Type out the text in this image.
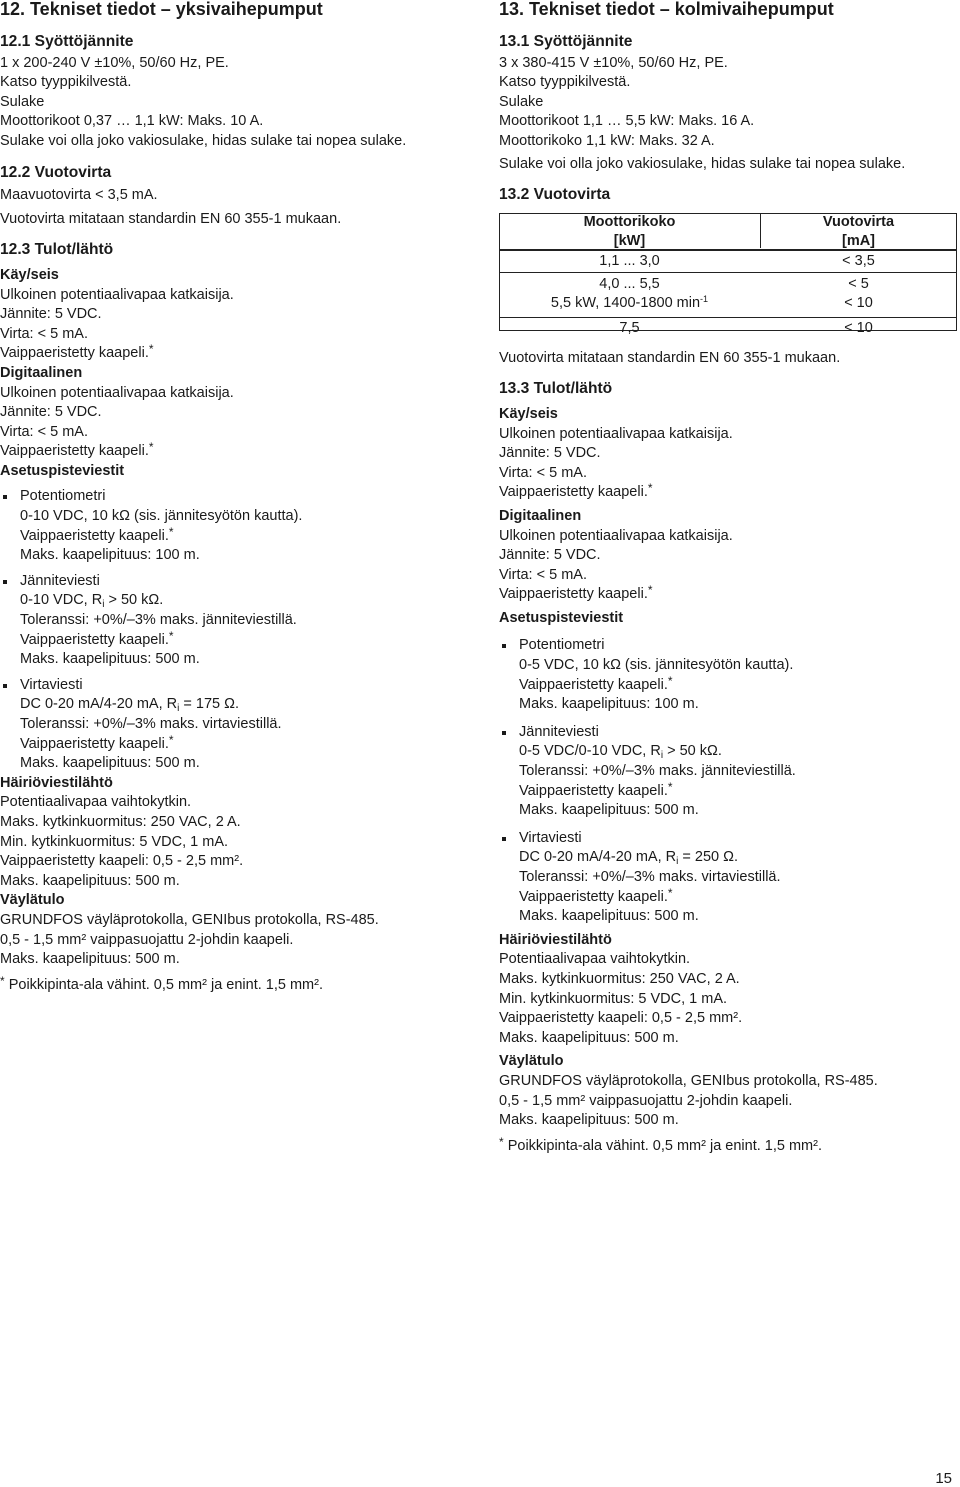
12. Tekniset tiedot – yksivaihepumput
12.1 Syöttöjännite
1 x 200-240 V ±10%, 50/60 Hz, PE.
Katso tyyppikilvestä.
Sulake
Moottorikoot 0,37 … 1,1 kW: Maks. 10 A.
Sulake voi olla joko vakiosulake, hidas sulake tai nopea sulake.
12.2 Vuotovirta
Maavuotovirta < 3,5 mA.
Vuotovirta mitataan standardin EN 60 355-1 mukaan.
12.3 Tulot/lähtö
Käy/seis
Ulkoinen potentiaalivapaa katkaisija.
Jännite: 5 VDC.
Virta: < 5 mA.
Vaippaeristetty kaapeli.*
Digitaalinen
Ulkoinen potentiaalivapaa katkaisija.
Jännite: 5 VDC.
Virta: < 5 mA.
Vaippaeristetty kaapeli.*
Asetuspisteviestit
Potentiometri
0-10 VDC, 10 kΩ (sis. jännitesyötön kautta).
Vaippaeristetty kaapeli.*
Maks. kaapelipituus: 100 m.
Jänniteviesti
0-10 VDC, $R_i > 50$ kΩ.
Toleranssi: +0%/–3% maks. jänniteviestillä.
Vaippaeristetty kaapeli.*
Maks. kaapelipituus: 500 m.
Virtaviesti
DC 0-20 mA/4-20 mA, $R_i = 175$ Ω.
Toleranssi: +0%/–3% maks. virtaviestillä.
Vaippaeristetty kaapeli.*
Maks. kaapelipituus: 500 m.
Häiriöviestilähtö
Potentiaalivapaa vaihtokytkin.
Maks. kytkinkuormitus: 250 VAC, 2 A.
Min. kytkinkuormitus: 5 VDC, 1 mA.
Vaippaeristetty kaapeli: 0,5 - 2,5 mm².
Maks. kaapelipituus: 500 m.
Väylätulo
GRUNDFOS väyläprotokolla, GENIbus protokolla, RS-485.
0,5 - 1,5 mm² vaippasuojattu 2-johdin kaapeli.
Maks. kaapelipituus: 500 m.
* Poikkipinta-ala vähint. 0,5 mm² ja enint. 1,5 mm².
13. Tekniset tiedot – kolmivaihepumput
13.1 Syöttöjännite
3 x 380-415 V ±10%, 50/60 Hz, PE.
Katso tyyppikilvestä.
Sulake
Moottorikoot 1,1 … 5,5 kW: Maks. 16 A.
Moottorikoko 1,1 kW: Maks. 32 A.
Sulake voi olla joko vakiosulake, hidas sulake tai nopea sulake.
13.2 Vuotovirta
Moottorikoko
[kW]
Vuotovirta
[mA]
1,1 ... 3,0	< 3,5
4,0 ... 5,5
5,5 kW, 1400-1800 $\min^{-1}$
< 5
< 10
7,5	< 10
Vuotovirta mitataan standardin EN 60 355-1 mukaan.
13.3 Tulot/lähtö
Käy/seis
Ulkoinen potentiaalivapaa katkaisija.
Jännite: 5 VDC.
Virta: < 5 mA.
Vaippaeristetty kaapeli.*
Digitaalinen
Ulkoinen potentiaalivapaa katkaisija.
Jännite: 5 VDC.
Virta: < 5 mA.
Vaippaeristetty kaapeli.*
Asetuspisteviestit
Potentiometri
0-5 VDC, 10 kΩ (sis. jännitesyötön kautta).
Vaippaeristetty kaapeli.*
Maks. kaapelipituus: 100 m.
Jänniteviesti
0-5 VDC/0-10 VDC, $R_i > 50$ kΩ.
Toleranssi: +0%/–3% maks. jänniteviestillä.
Vaippaeristetty kaapeli.*
Maks. kaapelipituus: 500 m.
Virtaviesti
DC 0-20 mA/4-20 mA, $R_i = 250$ Ω.
Toleranssi: +0%/–3% maks. virtaviestillä.
Vaippaeristetty kaapeli.*
Maks. kaapelipituus: 500 m.
Häiriöviestilähtö
Potentiaalivapaa vaihtokytkin.
Maks. kytkinkuormitus: 250 VAC, 2 A.
Min. kytkinkuormitus: 5 VDC, 1 mA.
Vaippaeristetty kaapeli: 0,5 - 2,5 mm².
Maks. kaapelipituus: 500 m.
Väylätulo
GRUNDFOS väyläprotokolla, GENIbus protokolla, RS-485.
0,5 - 1,5 mm² vaippasuojattu 2-johdin kaapeli.
Maks. kaapelipituus: 500 m.
* Poikkipinta-ala vähint. 0,5 mm² ja enint. 1,5 mm².
15
